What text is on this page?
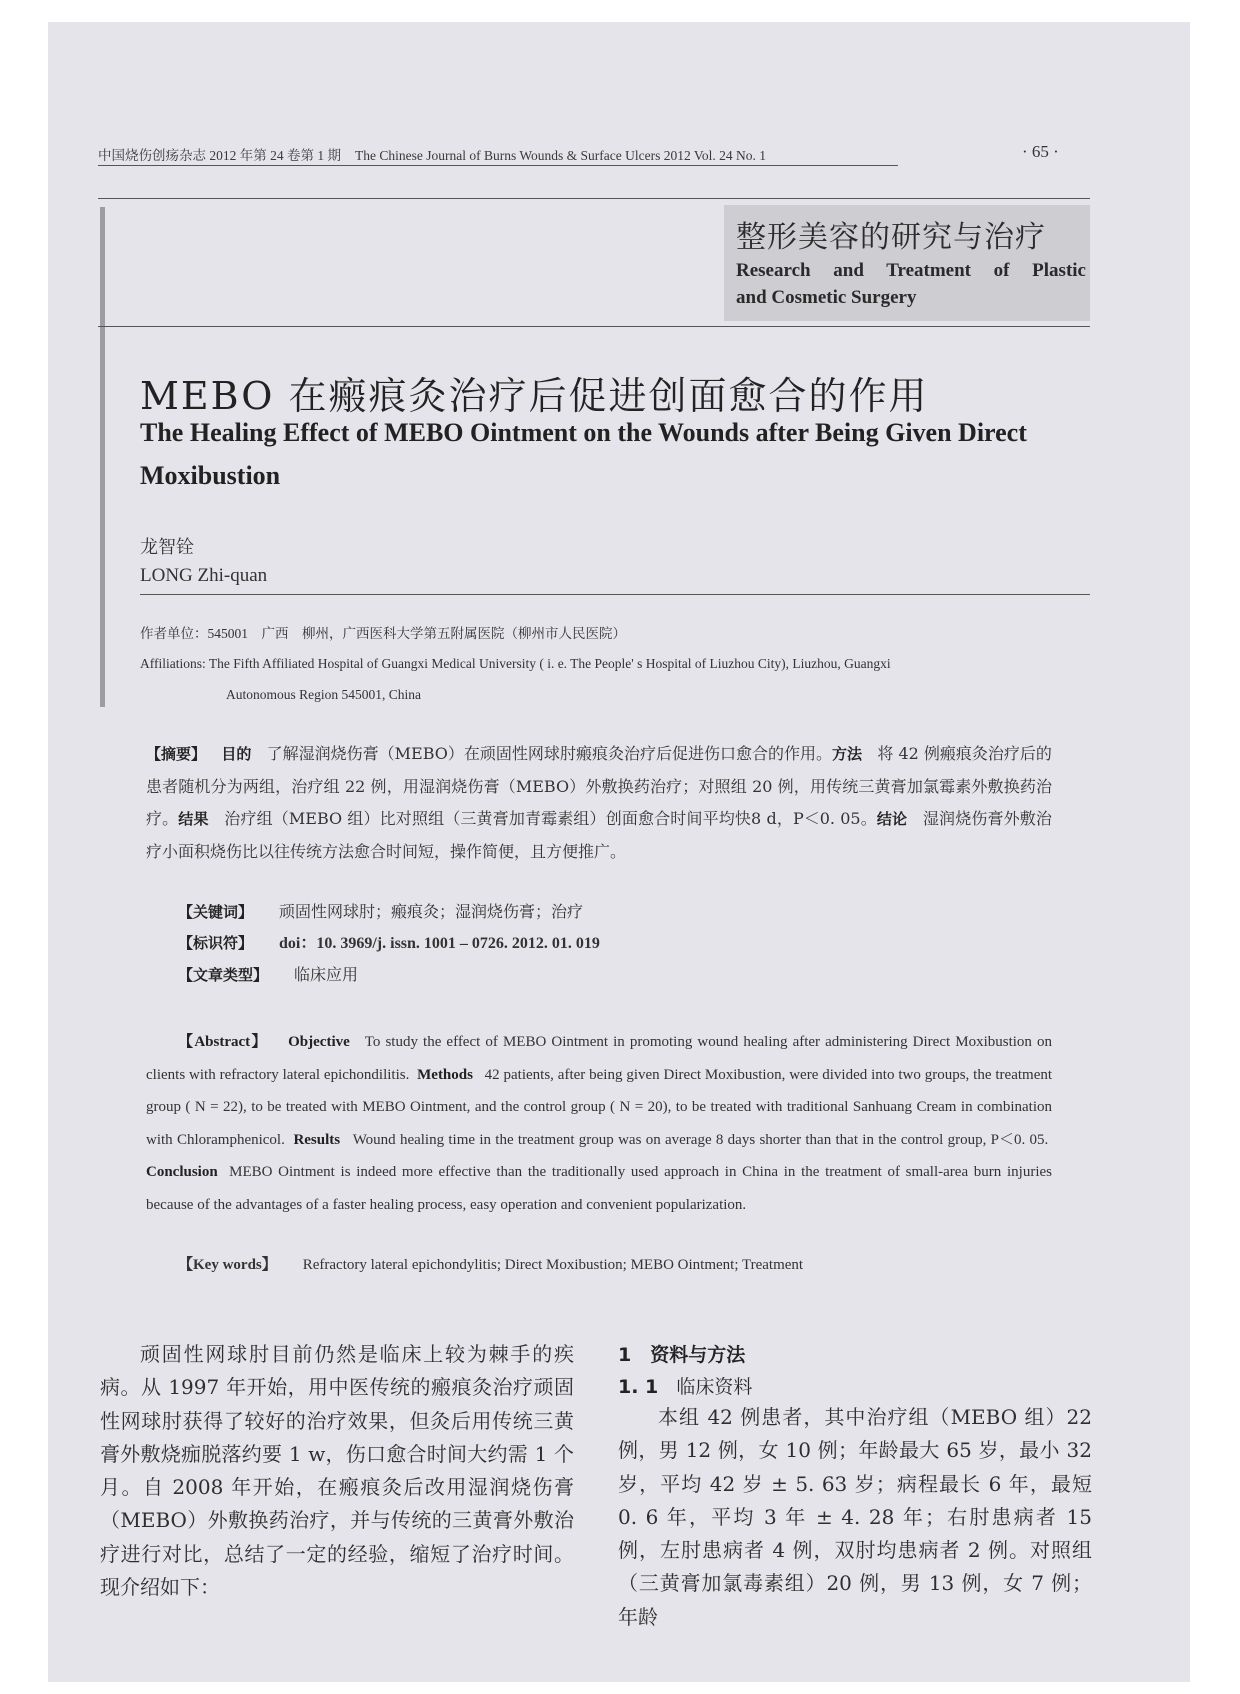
中国烧伤创疡杂志 2012 年第 24 卷第 1 期 The Chinese Journal of Burns Wounds & Surface Ulcers 2012 Vol. 24 No. 1	· 65 ·
整形美容的研究与治疗
Research and Treatment of Plastic
and Cosmetic Surgery
MEBO 在瘢痕灸治疗后促进创面愈合的作用
The Healing Effect of MEBO Ointment on the Wounds after Being Given Direct Moxibustion
龙智铨
LONG Zhi-quan
作者单位：545001　广西　柳州，广西医科大学第五附属医院（柳州市人民医院）
Affiliations: The Fifth Affiliated Hospital of Guangxi Medical University ( i. e. The People' s Hospital of Liuzhou City), Liuzhou, Guangxi
Autonomous Region 545001, China
【摘要】 目的 了解湿润烧伤膏（MEBO）在顽固性网球肘瘢痕灸治疗后促进伤口愈合的作用。方法 将 42 例瘢痕灸治疗后的患者随机分为两组，治疗组 22 例，用湿润烧伤膏（MEBO）外敷换药治疗；对照组 20 例，用传统三黄膏加氯霉素外敷换药治疗。结果 治疗组（MEBO 组）比对照组（三黄膏加青霉素组）创面愈合时间平均快8 d，P＜0. 05。结论 湿润烧伤膏外敷治疗小面积烧伤比以往传统方法愈合时间短，操作简便，且方便推广。
【关键词】 顽固性网球肘；瘢痕灸；湿润烧伤膏；治疗
【标识符】 doi：10. 3969/j. issn. 1001 – 0726. 2012. 01. 019
【文章类型】 临床应用
【Abstract】 Objective To study the effect of MEBO Ointment in promoting wound healing after administering Direct Moxibustion on clients with refractory lateral epichondilitis. Methods 42 patients, after being given Direct Moxibustion, were divided into two groups, the treatment group ( N = 22), to be treated with MEBO Ointment, and the control group ( N = 20), to be treated with traditional Sanhuang Cream in combination with Chloramphenicol. Results Wound healing time in the treatment group was on average 8 days shorter than that in the control group, P＜0. 05.  Conclusion MEBO Ointment is indeed more effective than the traditionally used approach in China in the treatment of small-area burn injuries because of the advantages of a faster healing process, easy operation and convenient popularization.
【Key words】 Refractory lateral epichondylitis; Direct Moxibustion; MEBO Ointment; Treatment

顽固性网球肘目前仍然是临床上较为棘手的疾病。从 1997 年开始，用中医传统的瘢痕灸治疗顽固性网球肘获得了较好的治疗效果，但灸后用传统三黄膏外敷烧痂脱落约要 1 w，伤口愈合时间大约需 1 个月。自 2008 年开始，在瘢痕灸后改用湿润烧伤膏（MEBO）外敷换药治疗，并与传统的三黄膏外敷治疗进行对比，总结了一定的经验，缩短了治疗时间。现介绍如下：

1　资料与方法
1. 1 临床资料

本组 42 例患者，其中治疗组（MEBO 组）22 例，男 12 例，女 10 例；年龄最大 65 岁，最小 32 岁，平均 42 岁 ± 5. 63 岁；病程最长 6 年，最短 0. 6 年，平均 3 年 ± 4. 28 年；右肘患病者 15 例，左肘患病者 4 例，双肘均患病者 2 例。对照组（三黄膏加氯毒素组）20 例，男 13 例，女 7 例；年龄
